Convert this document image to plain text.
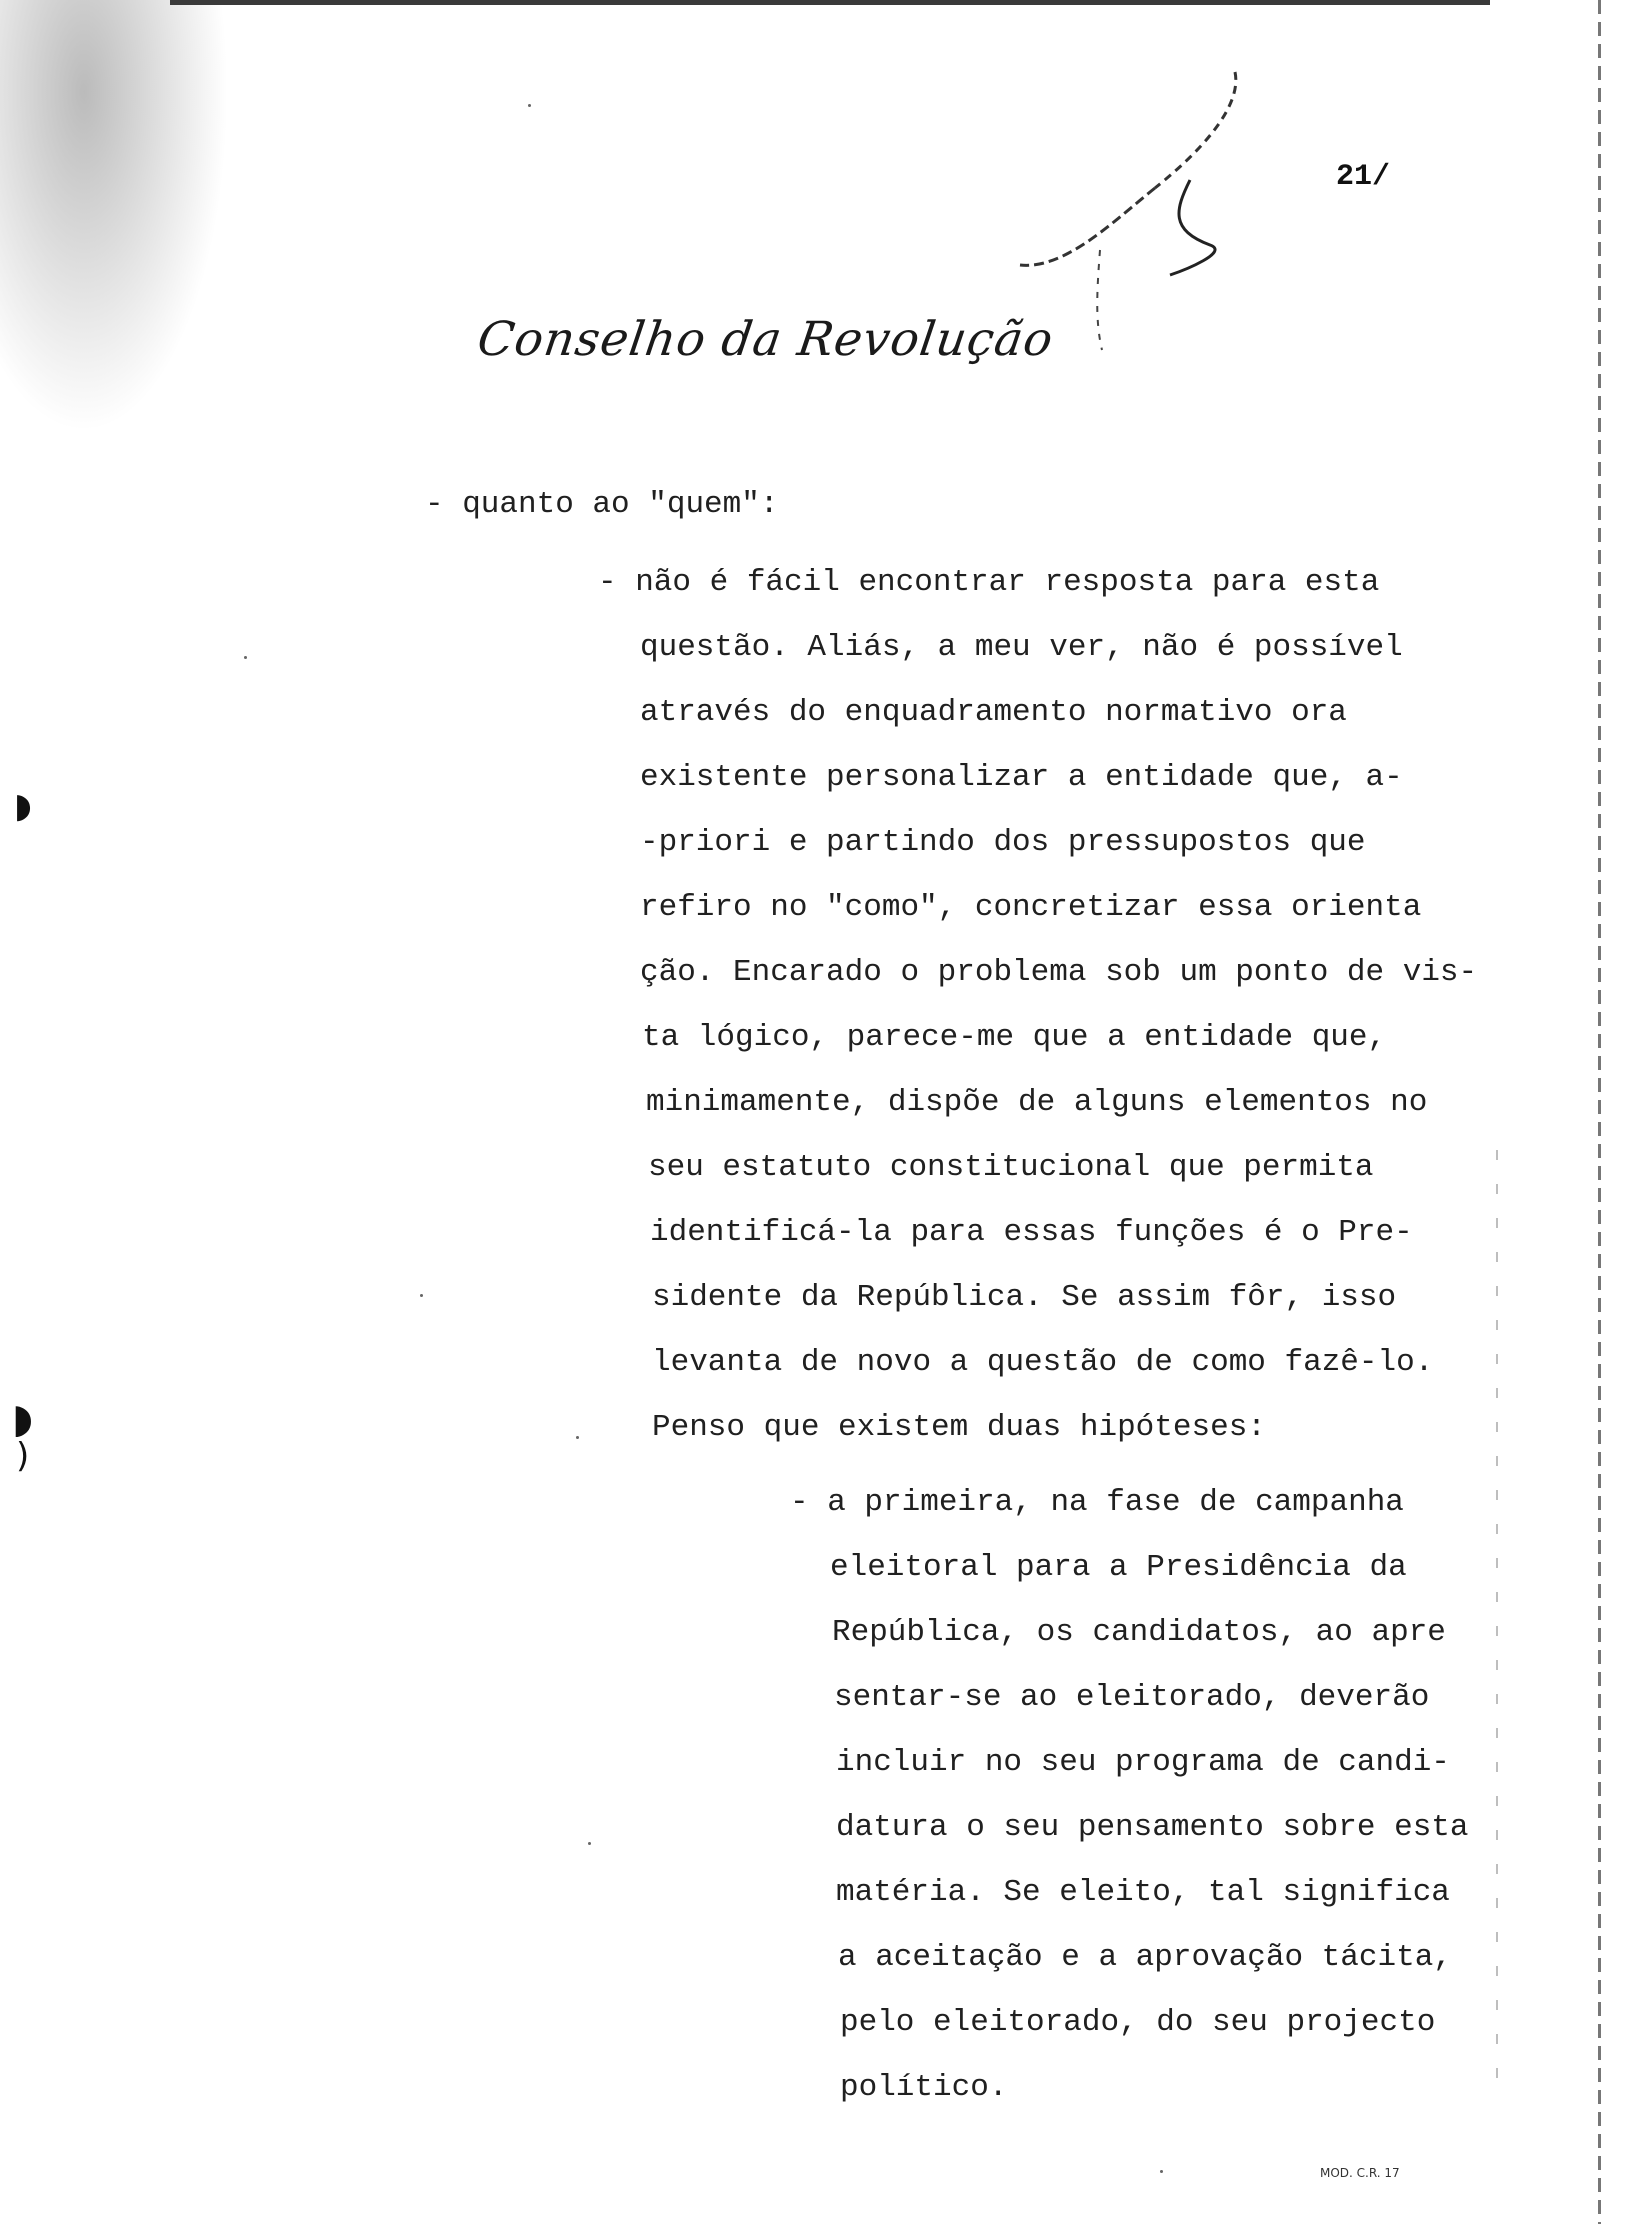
◗
◗
)
21/
Conselho da Revolução
- quanto ao "quem":
- não é fácil encontrar resposta para esta
questão. Aliás, a meu ver, não é possível
através do enquadramento normativo ora
existente personalizar a entidade que, a-
-priori e partindo dos pressupostos que
refiro no "como", concretizar essa orienta
ção. Encarado o problema sob um ponto de vis-
ta lógico, parece-me que a entidade que,
minimamente, dispõe de alguns elementos no
seu estatuto constitucional que permita
identificá-la para essas funções é o Pre-
sidente da República. Se assim fôr, isso
levanta de novo a questão de como fazê-lo.
Penso que existem duas hipóteses:
- a primeira, na fase de campanha
eleitoral para a Presidência da
República, os candidatos, ao apre
sentar-se ao eleitorado, deverão
incluir no seu programa de candi-
datura o seu pensamento sobre esta
matéria. Se eleito, tal significa
a aceitação e a aprovação tácita,
pelo eleitorado, do seu projecto
político.
MOD. C.R. 17
